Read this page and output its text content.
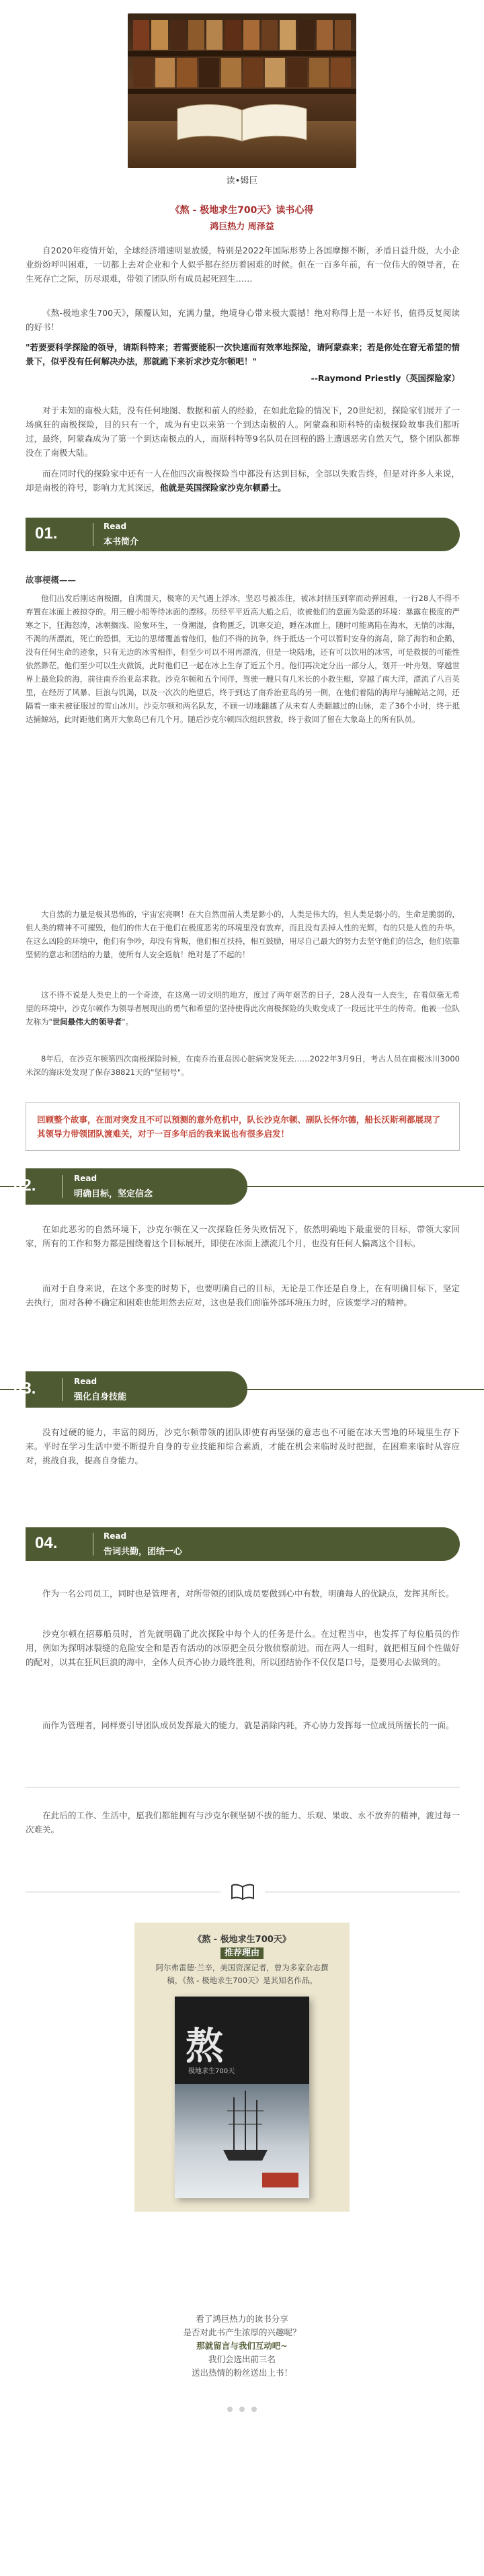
读•姆巨
《熬 - 极地求生700天》读书心得
鸿巨热力 周泽益
自2020年疫情开始，全球经济增速明显放缓，特别是2022年国际形势上各国摩擦不断，矛盾日益升级，大小企业纷纷呼叫困难，一切都上去对企业和个人似乎都在经历着困难的时候。但在一百多年前，有一位伟大的领导者，在生死存亡之际，历尽艰难，带领了团队所有成员起死回生……
《熬-极地求生700天》，颠覆认知，充满力量，绝境身心带来极大震撼！绝对称得上是一本好书，值得反复阅读的好书！
"若要要科学探险的领导，请斯科特来；若需要能积一次快速而有效率地探险，请阿蒙森来；若是你处在窘无希望的情景下，似乎没有任何解决办法，那就跪下来祈求沙克尔顿吧！"
--Raymond Priestly（英国探险家）
对于未知的南极大陆，没有任何地图、数据和前人的经验，在如此危险的情况下，20世纪初，探险家们展开了一场疯狂的南极探险，目的只有一个，成为有史以来第一个到达南极的人。阿蒙森和斯科特的南极探险故事我们都听过，最终，阿蒙森成为了第一个到达南极点的人，而斯科特等9名队员在回程的路上遭遇恶劣自然天气，整个团队都葬没在了南极大陆。
而在同时代的探险家中还有一人在他四次南极探险当中都没有达到目标，全部以失败告终，但是对许多人来说，却是南极的符号，影响力尤其深远，他就是英国探险家沙克尔顿爵士。
01.	Read
本书简介
故事梗概——
他们出发后刚达南极圈，自满面天，极寒的天气遇上浮冰，坚忍号被冻住，被冰封挤压到挛而动弹困难，一行28人不得不弃置在冰面上被掠夺的。用三艘小船等待冰面的漂移。历经平平近高大船之后，欲被他们的意面为险恶的环境：暴露在极度的严寒之下，狂海怒涛，冰朝搁浅、险象环生，一身潮湿，食物匮乏，饥寒交迫，睡在冰面上，随时可能离陷在海水，无情的冰海，不渴的所漂流，死亡的恐惧，无边的思绪覆盖着他们，他们不得的抗争，终于抵达一个可以暂时安身的海岛，除了海豹和企鹅，没有任何生命的迹象，只有无边的冰雪相伴，但至少可以不用再漂流，但是一块陆地，还有可以饮用的冰雪，可是救援的可能性依然渺茫。他们至少可以生火做饭，此时他们已一起在冰上生存了近五个月。他们再决定分出一部分人，划开一叶舟划，穿越世界上最危险的海，前往南乔治亚岛求救。沙克尔顿和五个同伴，驾驶一艘只有几米长的小救生艇，穿越了南大洋，漂流了八百英里，在经历了风暴、巨浪与饥渴，以及一次次的绝望后，终于到达了南乔治亚岛的另一侧，在他们着陆的海岸与捕鲸站之间，还隔着一座未被征服过的雪山冰川。沙克尔顿和两名队友，不顾一切地翻越了从未有人类翻越过的山脉，走了36个小时，终于抵达捕鲸站，此时距他们离开大象岛已有几个月。随后沙克尔顿四次组织营救，终于救回了留在大象岛上的所有队员。
大自然的力量是极其恐怖的，宇宙宏亮啊！在大自然面前人类是渺小的，人类是伟大的，但人类是弱小的，生命是脆弱的，但人类的精神不可摧毁，他们的伟大在于他们在极度恶劣的环境里没有放弃，而且没有丢掉人性的光辉，有的只是人性的升华。在这么凶险的环境中，他们有争吵，却没有背叛，他们相互扶持，相互鼓励，用尽自己最大的努力去坚守他们的信念，他们依靠坚韧的意志和团结的力量，使所有人安全返航！绝对是了不起的！
这不得不说是人类史上的一个奇迹，在这离一切文明的地方，度过了两年艰苦的日子，28人没有一人丧生，在看似毫无希望的环境中，沙克尔顿作为领导者展现出的勇气和希望的坚持使得此次南极探险的失败变成了一段远比平生的传奇。他被一位队友称为"世间最伟大的领导者"。
8年后，在沙克尔顿第四次南极探险时候，在南乔治亚岛因心脏病突发死去……2022年3月9日，考古人员在南极冰川3000米深的海床处发现了保存38821天的"坚韧号"。
回顾整个故事，在面对突发且不可以预测的意外危机中，队长沙克尔顿、副队长怀尔德，船长沃斯利都展现了其领导力带领团队渡难关，对于一百多年后的我来说也有很多启发！
02.	Read
明确目标，坚定信念
在如此恶劣的自然环境下，沙克尔顿在又一次探险任务失败情况下，依然明确地下最重要的目标，带领大家回家，所有的工作和努力都是围绕着这个目标展开，即使在冰面上漂流几个月，也没有任何人偏离这个目标。
而对于自身来说，在这个多变的时势下，也要明确自己的目标，无论是工作还是自身上，在有明确目标下，坚定去执行，面对各种不确定和困难也能坦然去应对，这也是我们面临外部环境压力时，应该要学习的精神。
03.	Read
强化自身技能
没有过硬的能力，丰富的阅历，沙克尔顿带领的团队即使有再坚强的意志也不可能在冰天雪地的环境里生存下来。平时在学习生活中要不断提升自身的专业技能和综合素质，才能在机会来临时及时把握，在困难来临时从容应对，挑战自我，提高自身能力。
04.	Read
告词共勤，团结一心
作为一名公司员工，同时也是管理者，对所带领的团队成员要做到心中有数，明确每人的优缺点，发挥其所长。
沙克尔顿在招募船员时，首先就明确了此次探险中每个人的任务是什么。在过程当中，也发挥了每位船员的作用，例如为探明冰裂缝的危险安全和是否有活动的冰原把全员分散侦察前进。而在两人一组时，就把相互间个性做好的配对，以其在狂风巨浪的海中，全体人员齐心协力最终胜利，所以团结协作不仅仅是口号，是要用心去做到的。
而作为管理者，同样要引导团队成员发挥最大的能力，就是消除内耗，齐心协力发挥每一位成员所擅长的一面。
在此后的工作、生活中，愿我们都能拥有与沙克尔顿坚韧不拔的能力、乐观、果敢、永不放弃的精神，渡过每一次难关。
《熬 - 极地求生700天》
推荐理由
阿尔弗雷德·兰辛，美国资深记者，曾为多家杂志撰稿，《熬 - 极地求生700天》是其知名作品。
熬
极地求生700天
看了鸿巨热力的读书分享
是否对此书产生浓厚的兴趣呢？
那就留言与我们互动吧~
我们会选出前三名
送出热情的粉丝送出上书！
